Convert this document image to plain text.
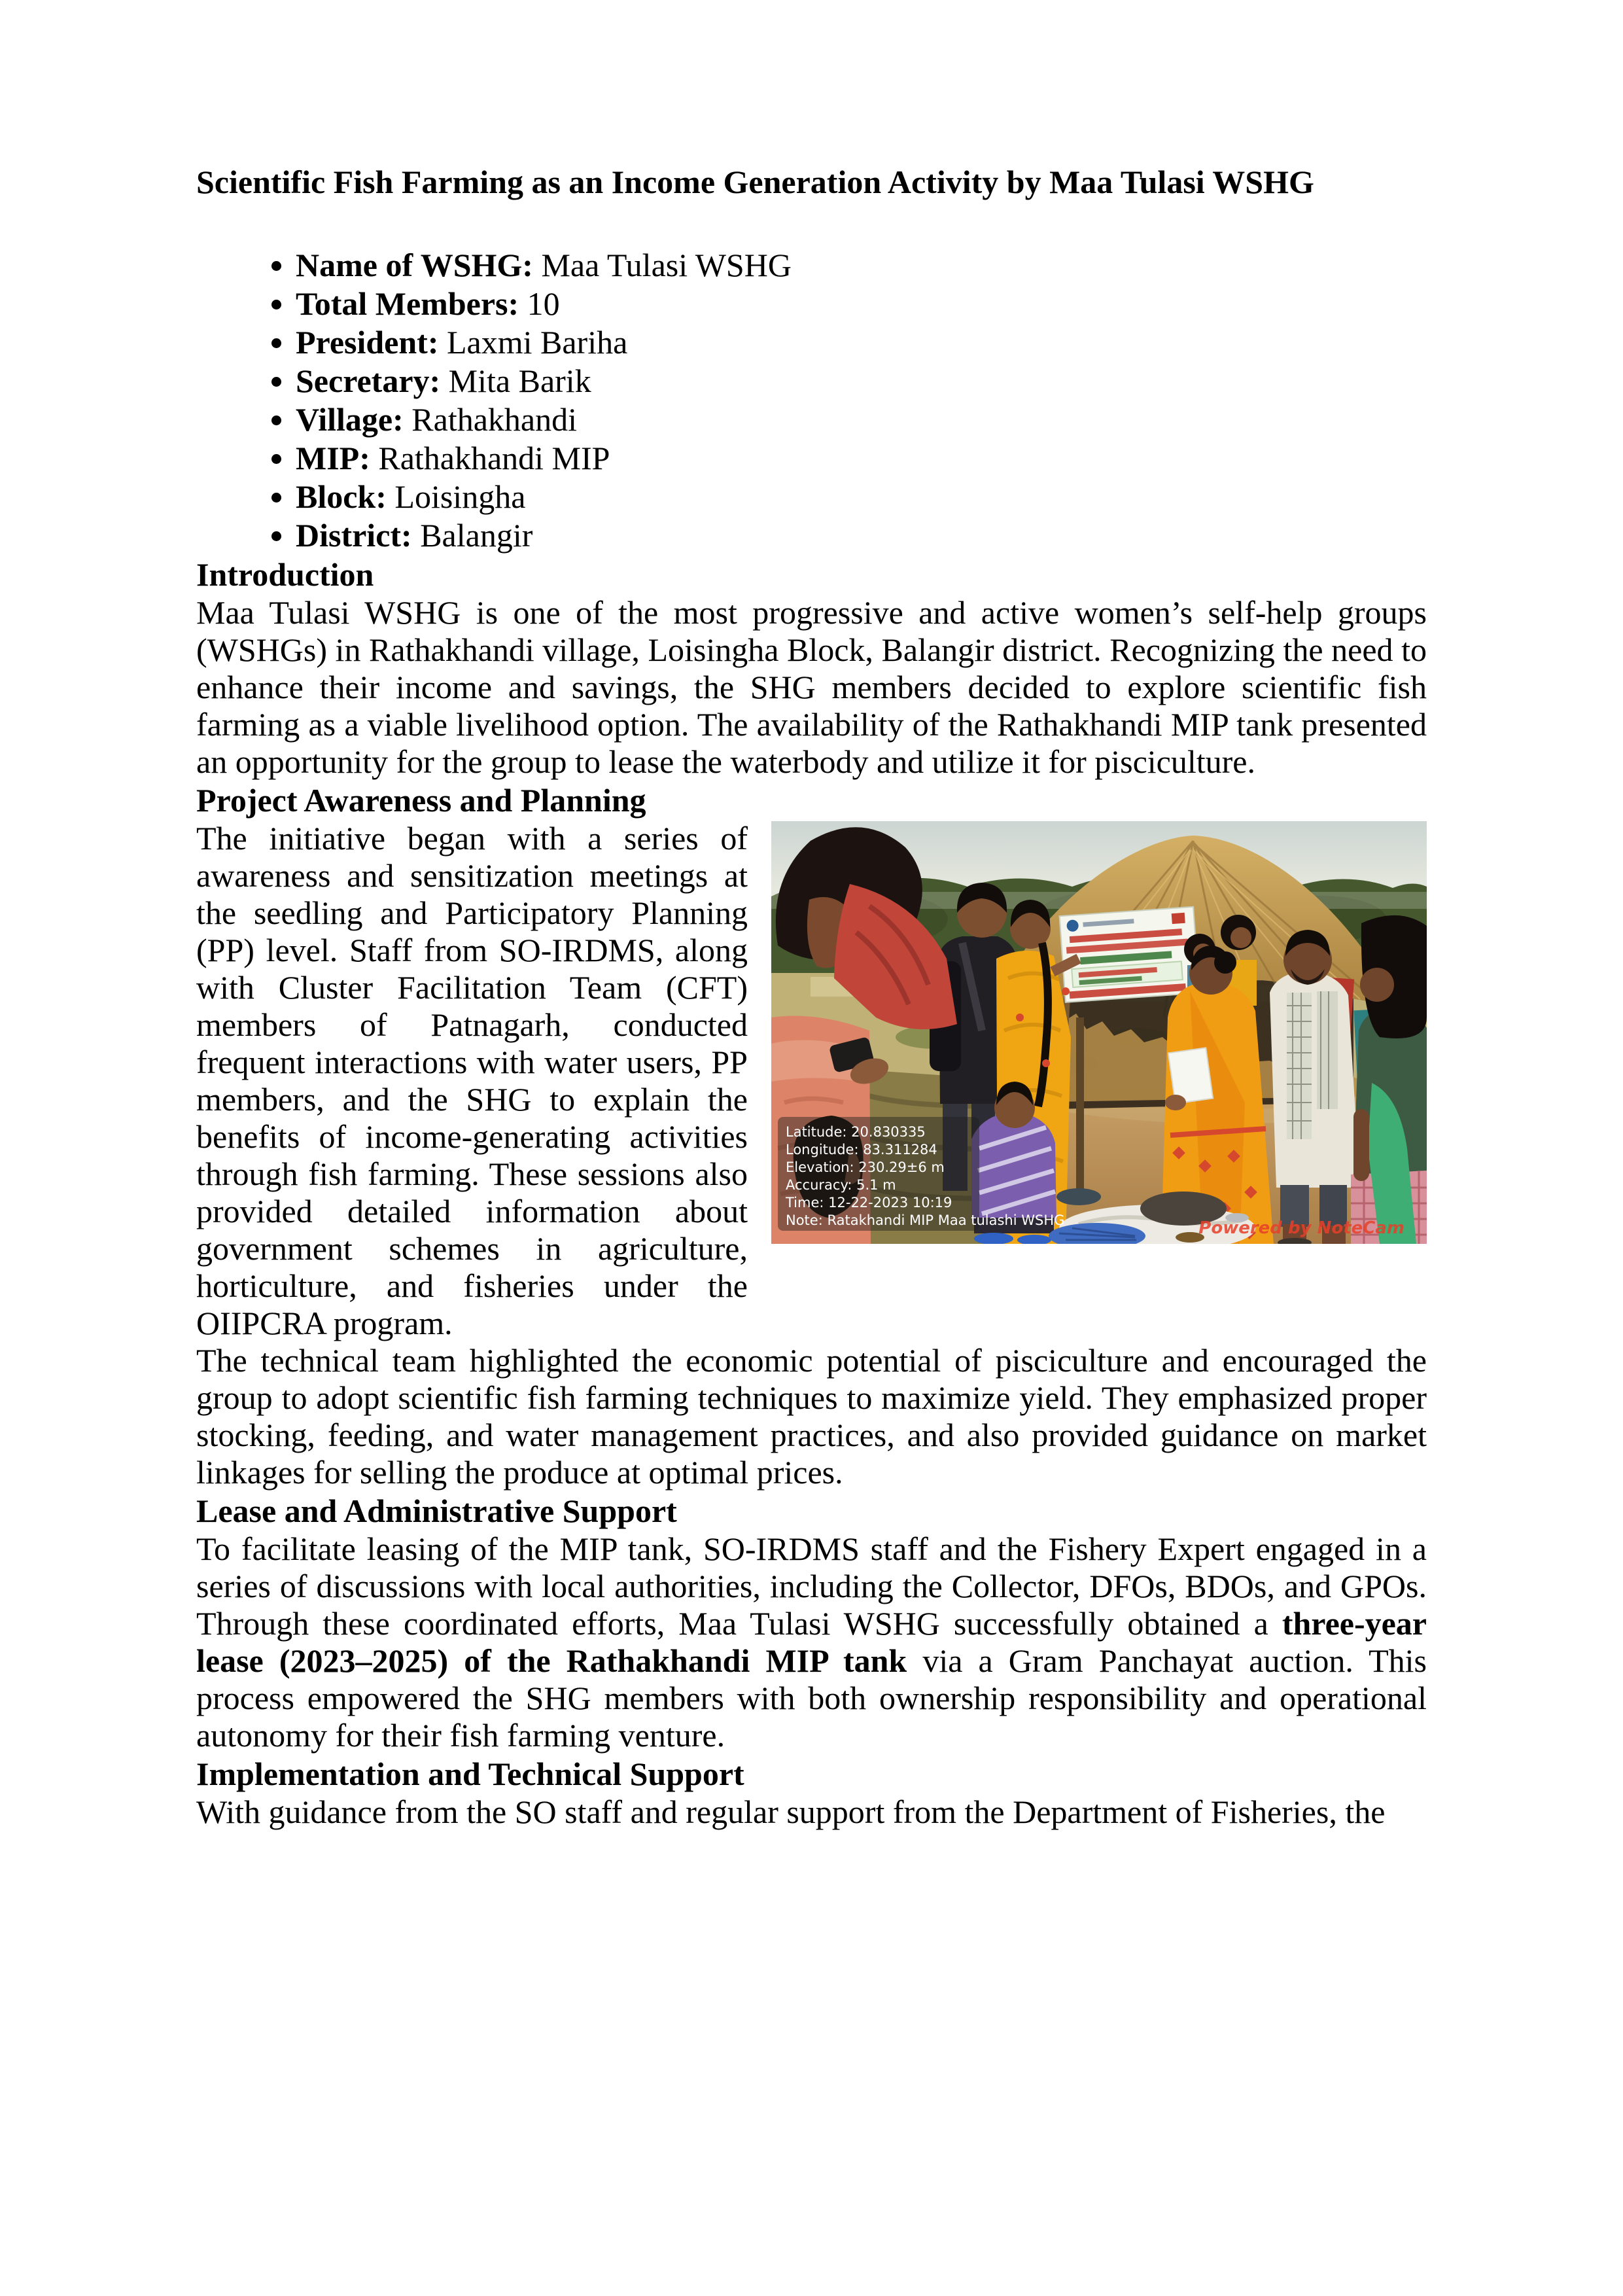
Scientific Fish Farming as an Income Generation Activity by Maa Tulasi WSHG
• Name of WSHG: Maa Tulasi WSHG
• Total Members: 10
• President: Laxmi Bariha
• Secretary: Mita Barik
• Village: Rathakhandi
• MIP: Rathakhandi MIP
• Block: Loisingha
• District: Balangir
Introduction

Maa Tulasi WSHG is one of the most progressive and active women’s self-help groups (WSHGs) in Rathakhandi village, Loisingha Block, Balangir district. Recognizing the need to enhance their income and savings, the SHG members decided to explore scientific fish farming as a viable livelihood option. The availability of the Rathakhandi MIP tank presented an opportunity for the group to lease the waterbody and utilize it for pisciculture.

Project Awareness and Planning
Latitude: 20.830335
Longitude: 83.311284
Elevation: 230.29±6 m
Accuracy: 5.1 m
Time: 12-22-2023 10:19
Note: Ratakhandi MIP Maa tulashi WSHG	Powered by NoteCam

The initiative began with a series of awareness and sensitization meetings at the seedling and Participatory Planning (PP) level. Staff from SO-IRDMS, along with Cluster Facilitation Team (CFT) members of Patnagarh, conducted frequent interactions with water users, PP members, and the SHG to explain the benefits of income-generating activities through fish farming. These sessions also provided detailed information about government schemes in agriculture, horticulture, and fisheries under the OIIPCRA program.

The technical team highlighted the economic potential of pisciculture and encouraged the group to adopt scientific fish farming techniques to maximize yield. They emphasized proper stocking, feeding, and water management practices, and also provided guidance on market linkages for selling the produce at optimal prices.

Lease and Administrative Support

To facilitate leasing of the MIP tank, SO-IRDMS staff and the Fishery Expert engaged in a series of discussions with local authorities, including the Collector, DFOs, BDOs, and GPOs. Through these coordinated efforts, Maa Tulasi WSHG successfully obtained a three-year lease (2023–2025) of the Rathakhandi MIP tank via a Gram Panchayat auction. This process empowered the SHG members with both ownership responsibility and operational autonomy for their fish farming venture.

Implementation and Technical Support

With guidance from the SO staff and regular support from the Department of Fisheries, the
